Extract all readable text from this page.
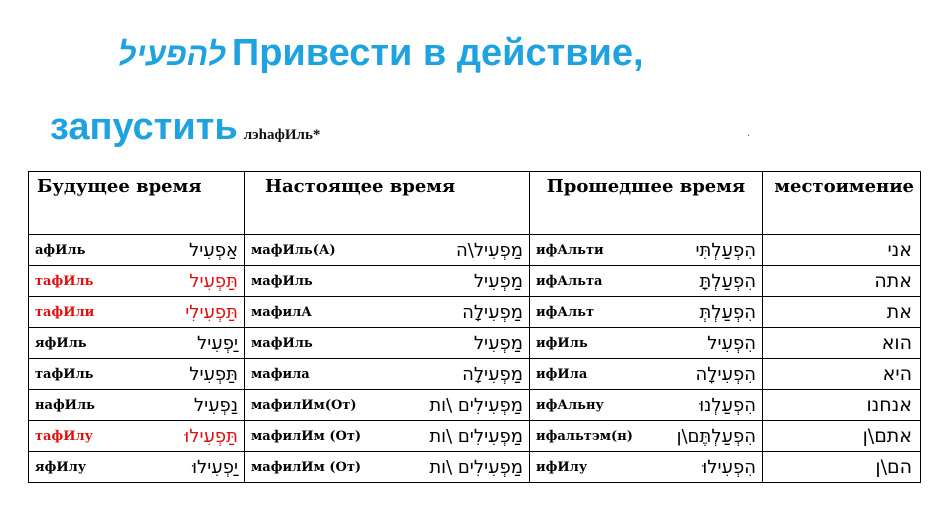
להפעיל Привести в действие,
запустить лэhафИль*	.
Будущее время	Настоящее время	Прошедшее время	местоимение

афИль אַפְעִיל	мафИль(А) מַפְעִיל\ה	ифАльти הִפְעַלְתִּי	אני

тафИль תַּפְעִיל	мафИль מַפְעִיל	ифАльта הִפְעַלְתָּ	אתה

тафИли תַּפְעִילִי	мафилА מַפְעִילָה	ифАльт הִפְעַלְתְּ	את

яфИль יַפְעִיל	мафИль מַפְעִיל	ифИль הִפְעִיל	הוא

тафИль תַּפְעִיל	мафила מַפְעִילָה	ифИла הִפְעִילָה	היא

нафИль נַפְעִיל	мафилИм(От) מַפְעִילִים \ות	ифАльну הִפְעַלְנוּ	אנחנו

тафИлу תַּפְעִילוּ	мафилИм (От) מַפְעִילִים \ות	ифальтэм(н) הִפְעַלְתֶּם\ן	אתם\ן

яфИлу יַפְעִילוּ	мафилИм (От) מַפְעִילִים \ות	ифИлу הִפְעִילוּ	הם\ן
